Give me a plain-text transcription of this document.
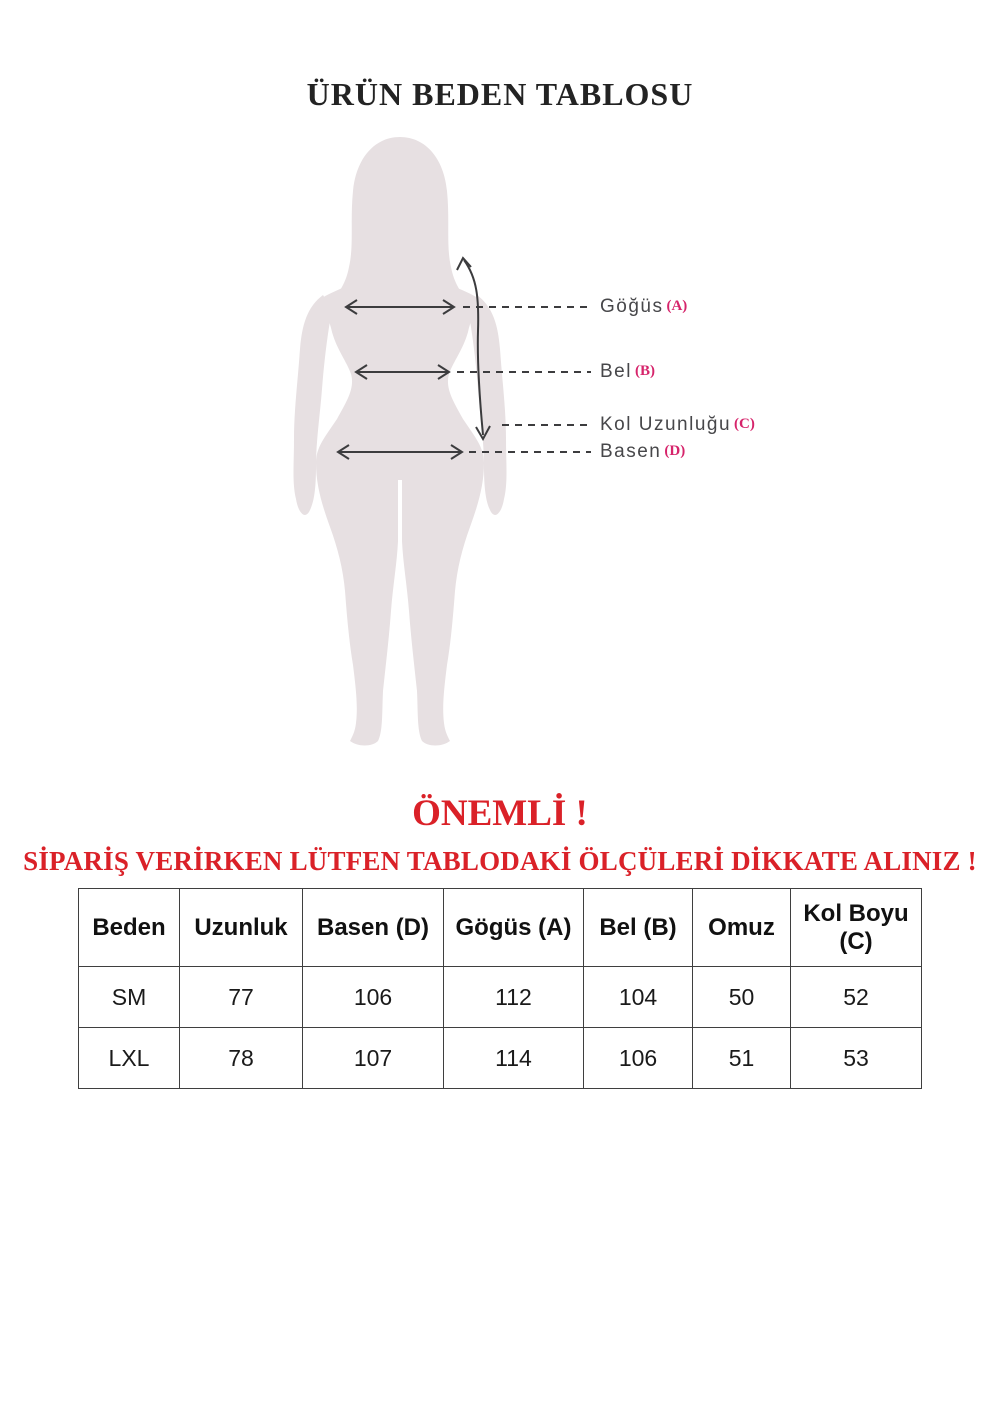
ÜRÜN BEDEN TABLOSU
Göğüs (A)
Bel (B)
Kol Uzunluğu (C)
Basen (D)
ÖNEMLİ !
SİPARİŞ VERİRKEN LÜTFEN TABLODAKİ ÖLÇÜLERİ DİKKATE ALINIZ !
Beden	Uzunluk	Basen (D)	Gögüs (A)	Bel (B)	Omuz	Kol Boyu (C)
SM	77	106	112	104	50	52
LXL	78	107	114	106	51	53
